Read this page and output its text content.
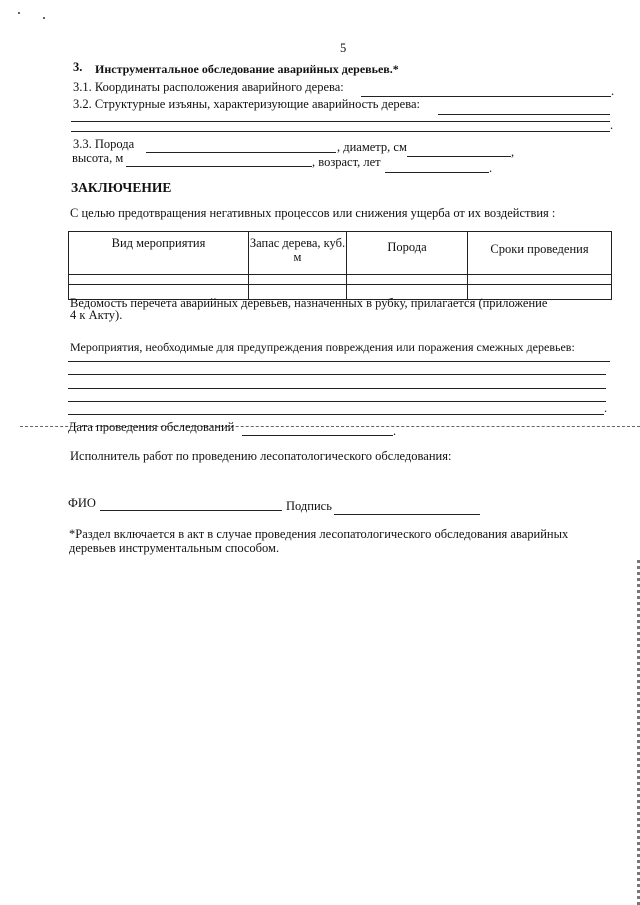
5
3. Инструментальное обследование аварийных деревьев.*
3.1. Координаты расположения аварийного дерева:	.
3.2. Структурные изъяны, характеризующие аварийность дерева:
.
3.3. Порода	, диаметр, см	,
высота, м	, возраст, лет	.
ЗАКЛЮЧЕНИЕ
С целью предотвращения негативных процессов или снижения ущерба от их воздействия :
Вид мероприятия	Запас дерева, куб. м	Порода	Сроки проведения

Ведомость перечета аварийных деревьев, назначенных в рубку, прилагается (приложение
4 к Акту).
Мероприятия, необходимые для предупреждения повреждения или поражения смежных деревьев:
.
Дата проведения обследований	.
Исполнитель работ по проведению лесопатологического обследования:
ФИО	Подпись
*Раздел включается в акт в случае проведения лесопатологического обследования аварийных
деревьев инструментальным способом.
